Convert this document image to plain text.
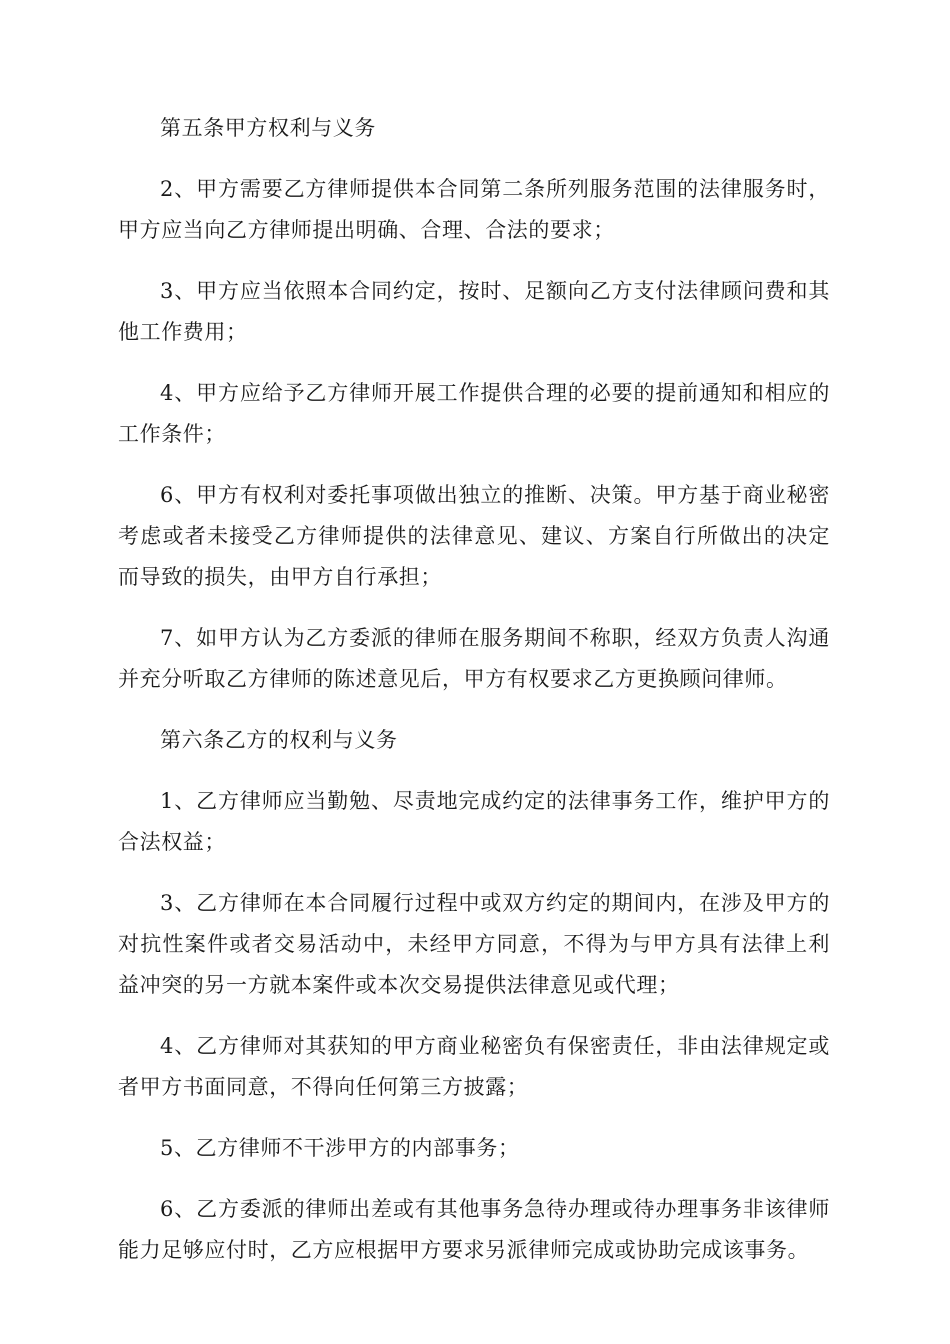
第五条甲方权利与义务

2、甲方需要乙方律师提供本合同第二条所列服务范围的法律服务时，甲方应当向乙方律师提出明确、合理、合法的要求；

3、甲方应当依照本合同约定，按时、足额向乙方支付法律顾问费和其他工作费用；

4、甲方应给予乙方律师开展工作提供合理的必要的提前通知和相应的工作条件；

6、甲方有权利对委托事项做出独立的推断、决策。甲方基于商业秘密考虑或者未接受乙方律师提供的法律意见、建议、方案自行所做出的决定而导致的损失，由甲方自行承担；

7、如甲方认为乙方委派的律师在服务期间不称职，经双方负责人沟通并充分听取乙方律师的陈述意见后，甲方有权要求乙方更换顾问律师。

第六条乙方的权利与义务

1、乙方律师应当勤勉、尽责地完成约定的法律事务工作，维护甲方的合法权益；

3、乙方律师在本合同履行过程中或双方约定的期间内，在涉及甲方的对抗性案件或者交易活动中，未经甲方同意，不得为与甲方具有法律上利益冲突的另一方就本案件或本次交易提供法律意见或代理；

4、乙方律师对其获知的甲方商业秘密负有保密责任，非由法律规定或者甲方书面同意，不得向任何第三方披露；

5、乙方律师不干涉甲方的内部事务；

6、乙方委派的律师出差或有其他事务急待办理或待办理事务非该律师能力足够应付时，乙方应根据甲方要求另派律师完成或协助完成该事务。
